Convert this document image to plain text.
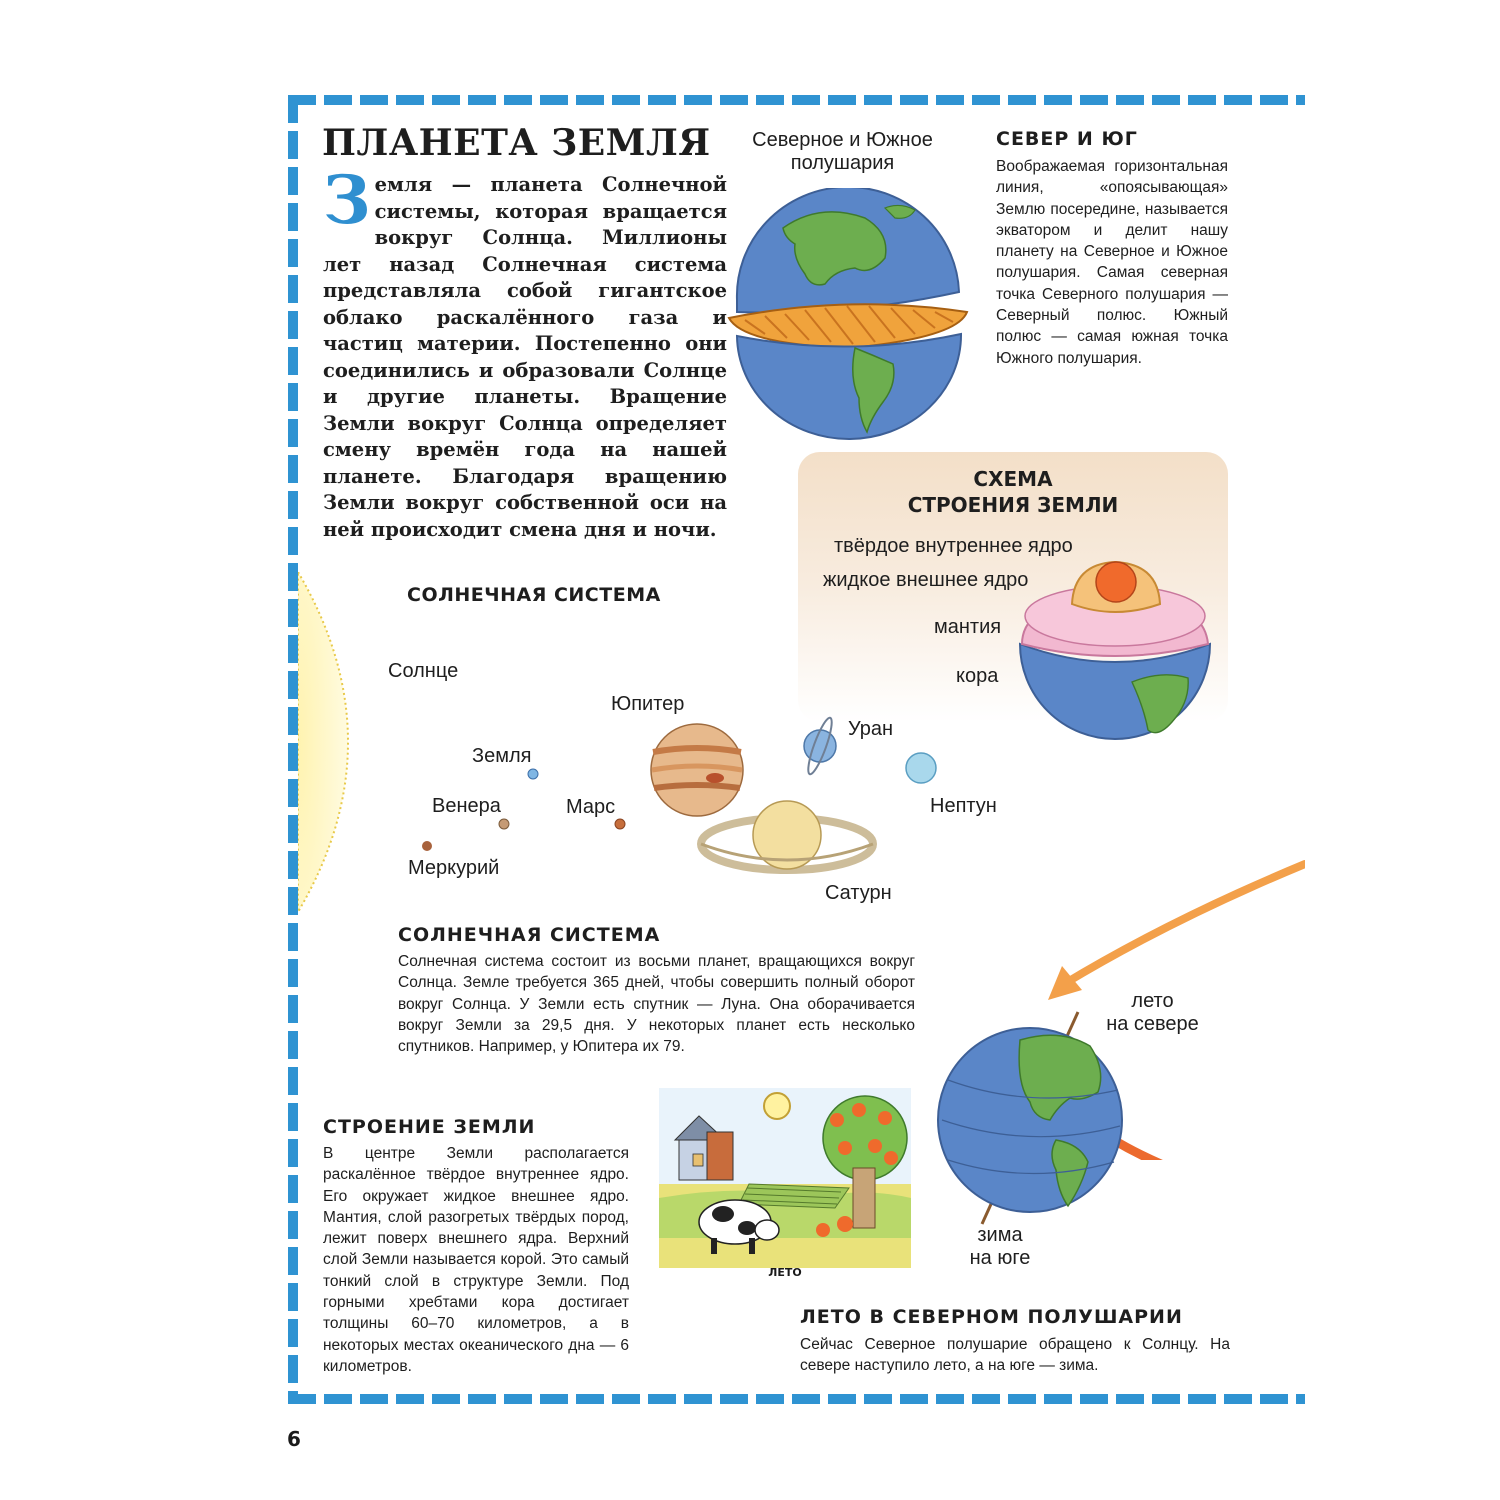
ПЛАНЕТА ЗЕМЛЯ

Земля — планета Солнечной системы, которая вращается вокруг Солнца. Миллионы лет назад Солнечная система представляла собой гигантское облако раскалённого газа и частиц материи. Постепенно они соединились и образовали Солнце и другие планеты. Вращение Земли вокруг Солнца определяет смену времён года на нашей планете. Благодаря вращению Земли вокруг собственной оси на ней происходит смена дня и ночи.

Северное и Южное полушария
СЕВЕР И ЮГ

Воображаемая горизонтальная линия, «опоясывающая» Землю посередине, называется экватором и делит нашу планету на Северное и Южное полушария. Самая северная точка Северного полушария — Северный полюс. Южный полюс — самая южная точка Южного полушария.

СХЕМА
СТРОЕНИЯ ЗЕМЛИ
твёрдое внутреннее ядро
жидкое внешнее ядро
мантия
кора
СОЛНЕЧНАЯ СИСТЕМА
Солнце
Юпитер
Уран
Земля
Венера	Марс	Нептун
Меркурий
Сатурн
СОЛНЕЧНАЯ СИСТЕМА

Солнечная система состоит из восьми планет, вращающихся вокруг Солнца. Земле требуется 365 дней, чтобы совершить полный оборот вокруг Солнца. У Земли есть спутник — Луна. Она оборачивается вокруг Земли за 29,5 дня. У некоторых планет есть несколько спутников. Например, у Юпитера их 79.

лето
на севере
зима
на юге
ЛЕТО
СТРОЕНИЕ ЗЕМЛИ

В центре Земли располагается раскалённое твёрдое внутреннее ядро. Его окружает жидкое внешнее ядро. Мантия, слой разогретых твёрдых пород, лежит поверх внешнего ядра. Верхний слой Земли называется корой. Это самый тонкий слой в структуре Земли. Под горными хребтами кора достигает толщины 60–70 километров, а в некоторых местах океанического дна — 6 километров.

ЛЕТО В СЕВЕРНОМ ПОЛУШАРИИ

Сейчас Северное полушарие обращено к Солнцу. На севере наступило лето, а на юге — зима.

6
